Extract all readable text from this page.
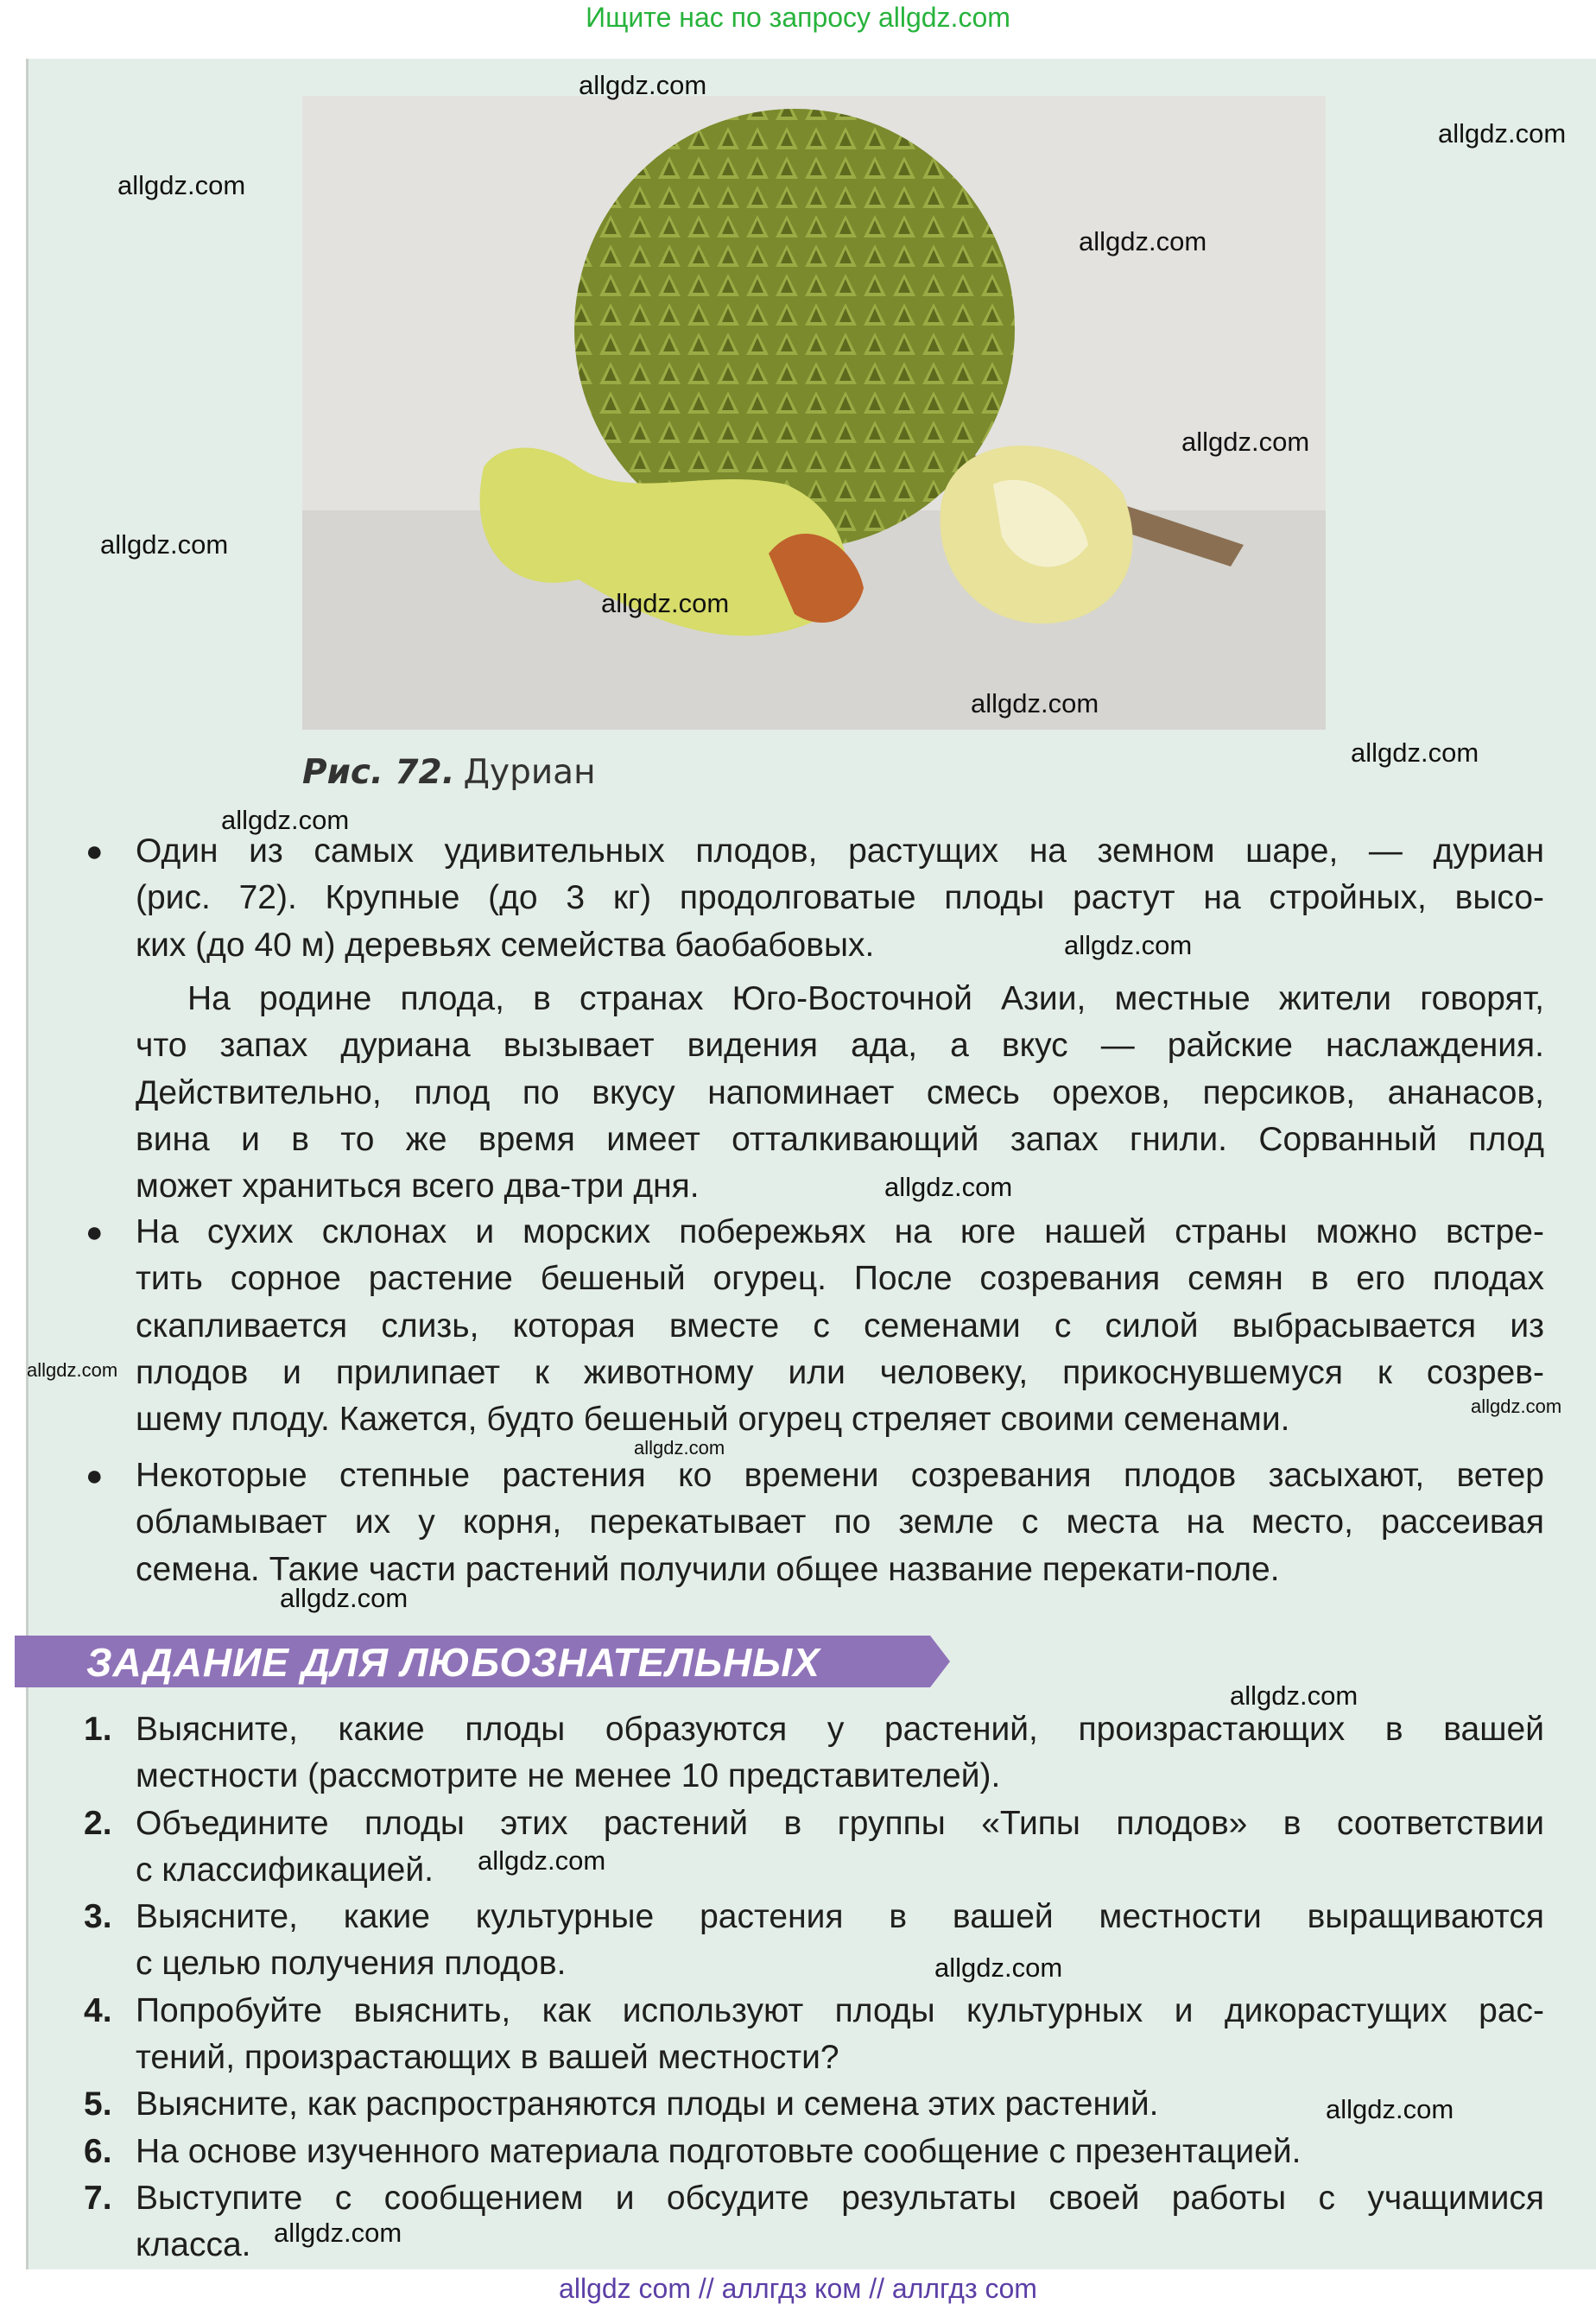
Ищите нас по запросу allgdz.com
Рис. 72. Дуриан
● Один из самых удивительных плодов, растущих на земном шаре, — дуриан
(рис. 72). Крупные (до 3 кг) продолговатые плоды растут на стройных, высо-
ких (до 40 м) деревьях семейства баобабовых.
На родине плода, в странах Юго-Восточной Азии, местные жители говорят,
что запах дуриана вызывает видения ада, а вкус — райские наслаждения.
Действительно, плод по вкусу напоминает смесь орехов, персиков, ананасов,
вина и в то же время имеет отталкивающий запах гнили. Сорванный плод
может храниться всего два-три дня.
● На сухих склонах и морских побережьях на юге нашей страны можно встре-
тить сорное растение бешеный огурец. После созревания семян в его плодах
скапливается слизь, которая вместе с семенами с силой выбрасывается из
плодов и прилипает к животному или человеку, прикоснувшемуся к созрев-
шему плоду. Кажется, будто бешеный огурец стреляет своими семенами.
● Некоторые степные растения ко времени созревания плодов засыхают, ветер
обламывает их у корня, перекатывает по земле с места на место, рассеивая
семена. Такие части растений получили общее название перекати-поле.
ЗАДАНИЕ ДЛЯ ЛЮБОЗНАТЕЛЬНЫХ
1. Выясните, какие плоды образуются у растений, произрастающих в вашей
местности (рассмотрите не менее 10 представителей).
2. Объедините плоды этих растений в группы «Типы плодов» в соответствии
с классификацией.
3. Выясните, какие культурные растения в вашей местности выращиваются
с целью получения плодов.
4. Попробуйте выяснить, как используют плоды культурных и дикорастущих рас-
тений, произрастающих в вашей местности?
5. Выясните, как распространяются плоды и семена этих растений.
6. На основе изученного материала подготовьте сообщение с презентацией.
7. Выступите с сообщением и обсудите результаты своей работы с учащимися
класса.
allgdz.com
allgdz.com
allgdz.com
allgdz.com
allgdz.com
allgdz.com
allgdz.com
allgdz.com
allgdz.com
allgdz.com
allgdz.com
allgdz.com
allgdz.com
allgdz.com
allgdz.com
allgdz.com
allgdz.com
allgdz.com
allgdz.com
allgdz.com
allgdz.com
allgdz com // аллгдз ком // аллгдз com
